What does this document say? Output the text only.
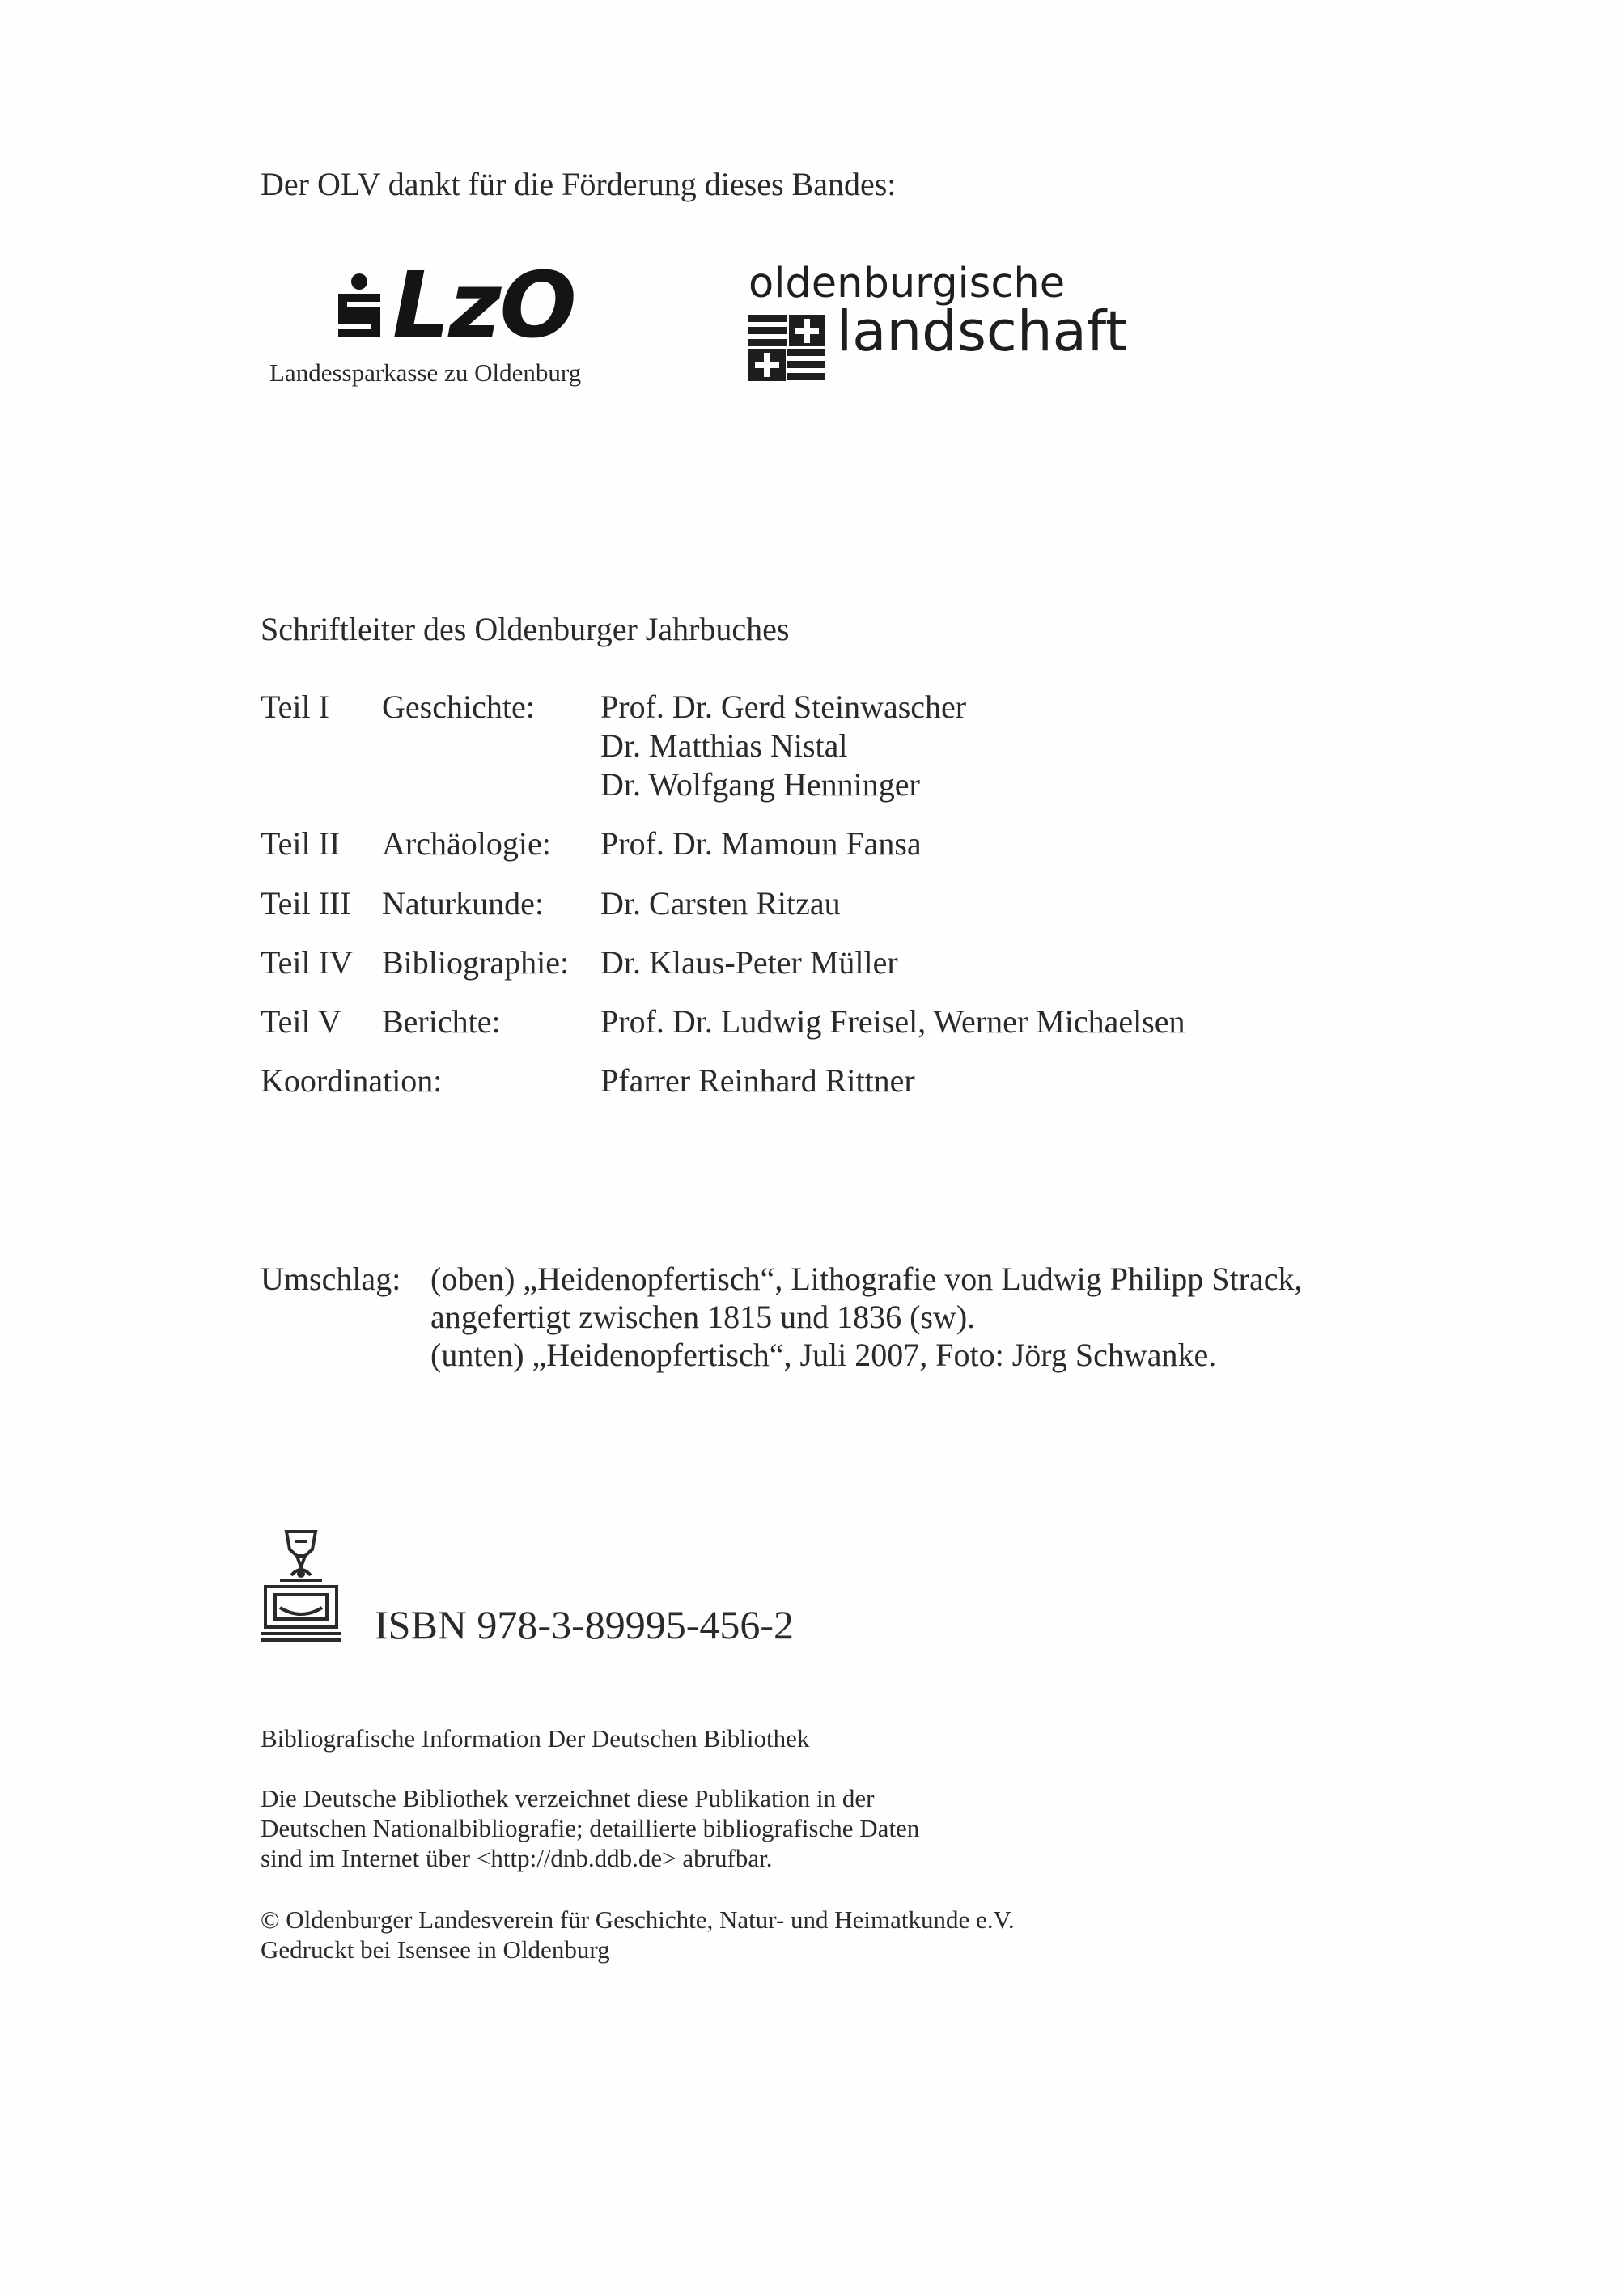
Der OLV dankt für die Förderung dieses Bandes:
LzO
Landessparkasse zu Oldenburg
oldenburgische
landschaft
Schriftleiter des Oldenburger Jahrbuches
Teil I Geschichte: Prof. Dr. Gerd Steinwascher
Dr. Matthias Nistal
Dr. Wolfgang Henninger
Teil II Archäologie: Prof. Dr. Mamoun Fansa
Teil III Naturkunde: Dr. Carsten Ritzau
Teil IV Bibliographie: Dr. Klaus-Peter Müller
Teil V Berichte:	Prof. Dr. Ludwig Freisel, Werner Michaelsen
Koordination:	Pfarrer Reinhard Rittner
Umschlag: (oben) „Heidenopfertisch“, Lithografie von Ludwig Philipp Strack,
angefertigt zwischen 1815 und 1836 (sw).
(unten) „Heidenopfertisch“, Juli 2007, Foto: Jörg Schwanke.
ISBN 978-3-89995-456-2
Bibliografische Information Der Deutschen Bibliothek
Die Deutsche Bibliothek verzeichnet diese Publikation in der
Deutschen Nationalbibliografie; detaillierte bibliografische Daten
sind im Internet über <http://dnb.ddb.de> abrufbar.
© Oldenburger Landesverein für Geschichte, Natur- und Heimatkunde e.V.
Gedruckt bei Isensee in Oldenburg
